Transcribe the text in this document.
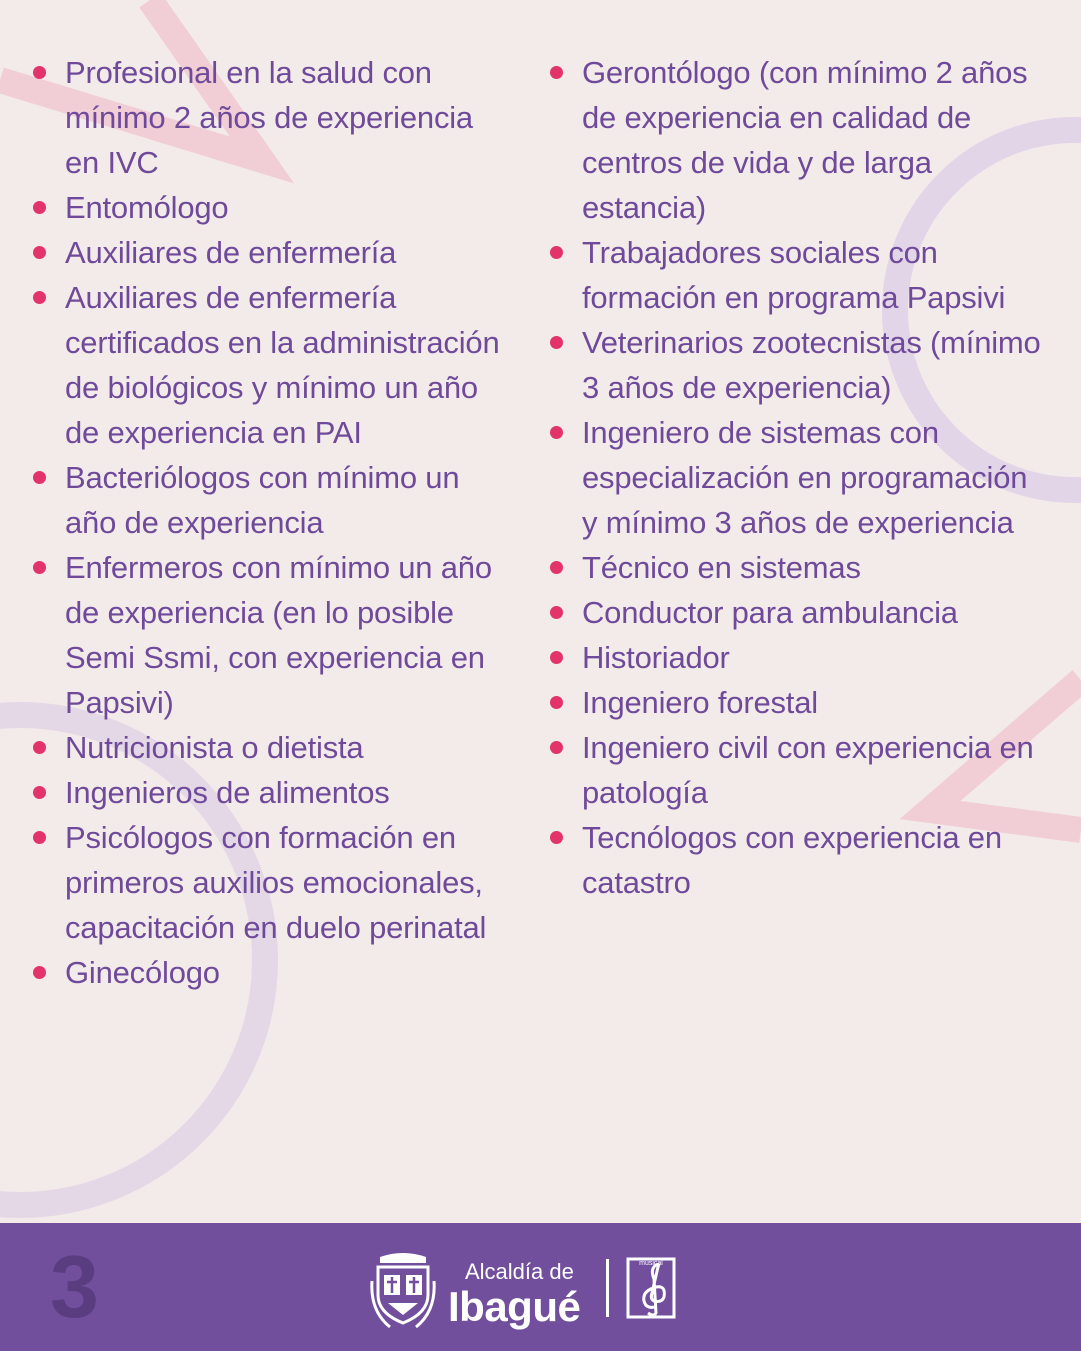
Profesional en la salud con mínimo 2 años de experiencia en IVC
Entomólogo
Auxiliares de enfermería
Auxiliares de enfermería certificados en la administración de biológicos y mínimo un año de experiencia en PAI
Bacteriólogos con mínimo un año de experiencia
Enfermeros con mínimo un año de experiencia (en lo posible Semi Ssmi, con experiencia en Papsivi)
Nutricionista o dietista
Ingenieros de alimentos
Psicólogos con formación en primeros auxilios emocionales, capacitación en duelo perinatal
Ginecólogo
Gerontólogo (con mínimo 2 años de experiencia en calidad de centros de vida y de larga estancia)
Trabajadores sociales con formación en programa Papsivi
Veterinarios zootecnistas (mínimo 3 años de experiencia)
Ingeniero de sistemas con especialización en programación y mínimo 3 años de experiencia
Técnico en sistemas
Conductor para ambulancia
Historiador
Ingeniero forestal
Ingeniero civil con experiencia en patología
Tecnólogos con experiencia en catastro
3	Alcaldía de
Ibagué
musical
